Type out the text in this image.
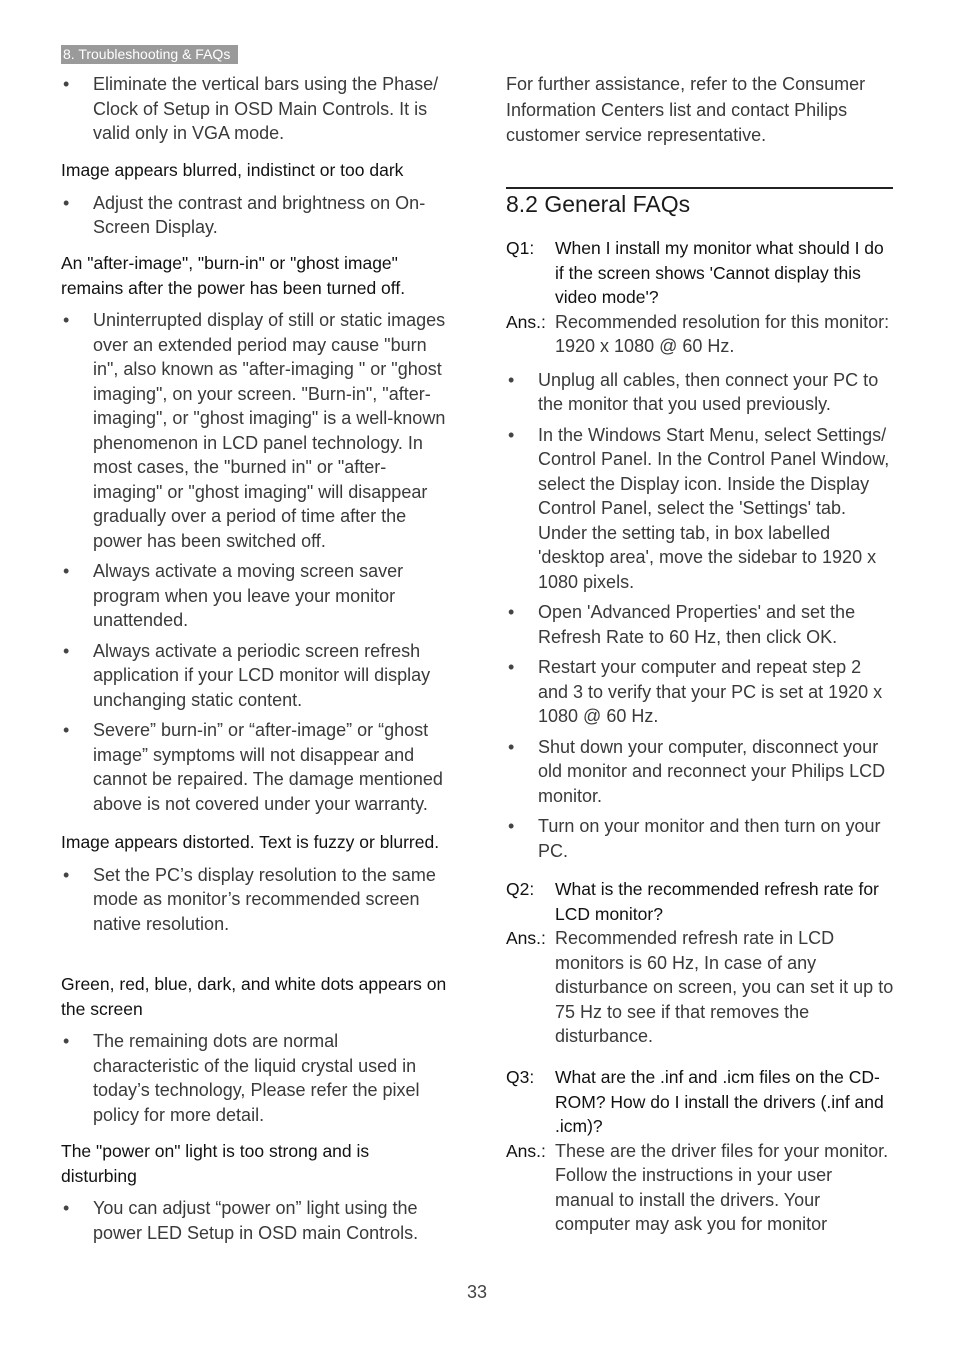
8. Troubleshooting & FAQs
• Eliminate the vertical bars using the Phase/ Clock of Setup in OSD Main Controls. It is valid only in VGA mode.

Image appears blurred, indistinct or too dark

• Adjust the contrast and brightness on On-Screen Display.

An "after-image", "burn-in" or "ghost image" remains after the power has been turned off.

• Uninterrupted display of still or static images over an extended period may cause "burn in", also known as "after-imaging " or "ghost imaging", on your screen. "Burn-in", "after-imaging", or "ghost imaging" is a well-known phenomenon in LCD panel technology. In most cases, the "burned in" or "after-imaging" or "ghost imaging" will disappear gradually over a period of time after the power has been switched off.
• Always activate a moving screen saver program when you leave your monitor unattended.
• Always activate a periodic screen refresh application if your LCD monitor will display unchanging static content.
• Severe” burn-in” or “after-image” or “ghost image” symptoms will not disappear and cannot be repaired. The damage mentioned above is not covered under your warranty.

Image appears distorted. Text is fuzzy or blurred.

• Set the PC’s display resolution to the same mode as monitor’s recommended screen native resolution.

Green, red, blue, dark, and white dots appears on the screen

• The remaining dots are normal characteristic of the liquid crystal used in today’s technology, Please refer the pixel policy for more detail.

The "power on" light is too strong and is disturbing

• You can adjust “power on” light using the power LED Setup in OSD main Controls.

For further assistance, refer to the Consumer Information Centers list and contact Philips customer service representative.

8.2 General FAQs

Q1: When I install my monitor what should I do if the screen shows 'Cannot display this video mode'?

Ans.: Recommended resolution for this monitor: 1920 x 1080 @ 60 Hz.

• Unplug all cables, then connect your PC to the monitor that you used previously.
• In the Windows Start Menu, select Settings/ Control Panel. In the Control Panel Window, select the Display icon. Inside the Display Control Panel, select the 'Settings' tab. Under the setting tab, in box labelled 'desktop area', move the sidebar to 1920 x 1080 pixels.
• Open 'Advanced Properties' and set the Refresh Rate to 60 Hz, then click OK.
• Restart your computer and repeat step 2 and 3 to verify that your PC is set at 1920 x 1080 @ 60 Hz.
• Shut down your computer, disconnect your old monitor and reconnect your Philips LCD monitor.
• Turn on your monitor and then turn on your PC.

Q2: What is the recommended refresh rate for LCD monitor?

Ans.: Recommended refresh rate in LCD monitors is 60 Hz, In case of any disturbance on screen, you can set it up to 75 Hz to see if that removes the disturbance.

Q3: What are the .inf and .icm files on the CD-ROM? How do I install the drivers (.inf and .icm)?

Ans.: These are the driver files for your monitor. Follow the instructions in your user manual to install the drivers. Your computer may ask you for monitor

33
